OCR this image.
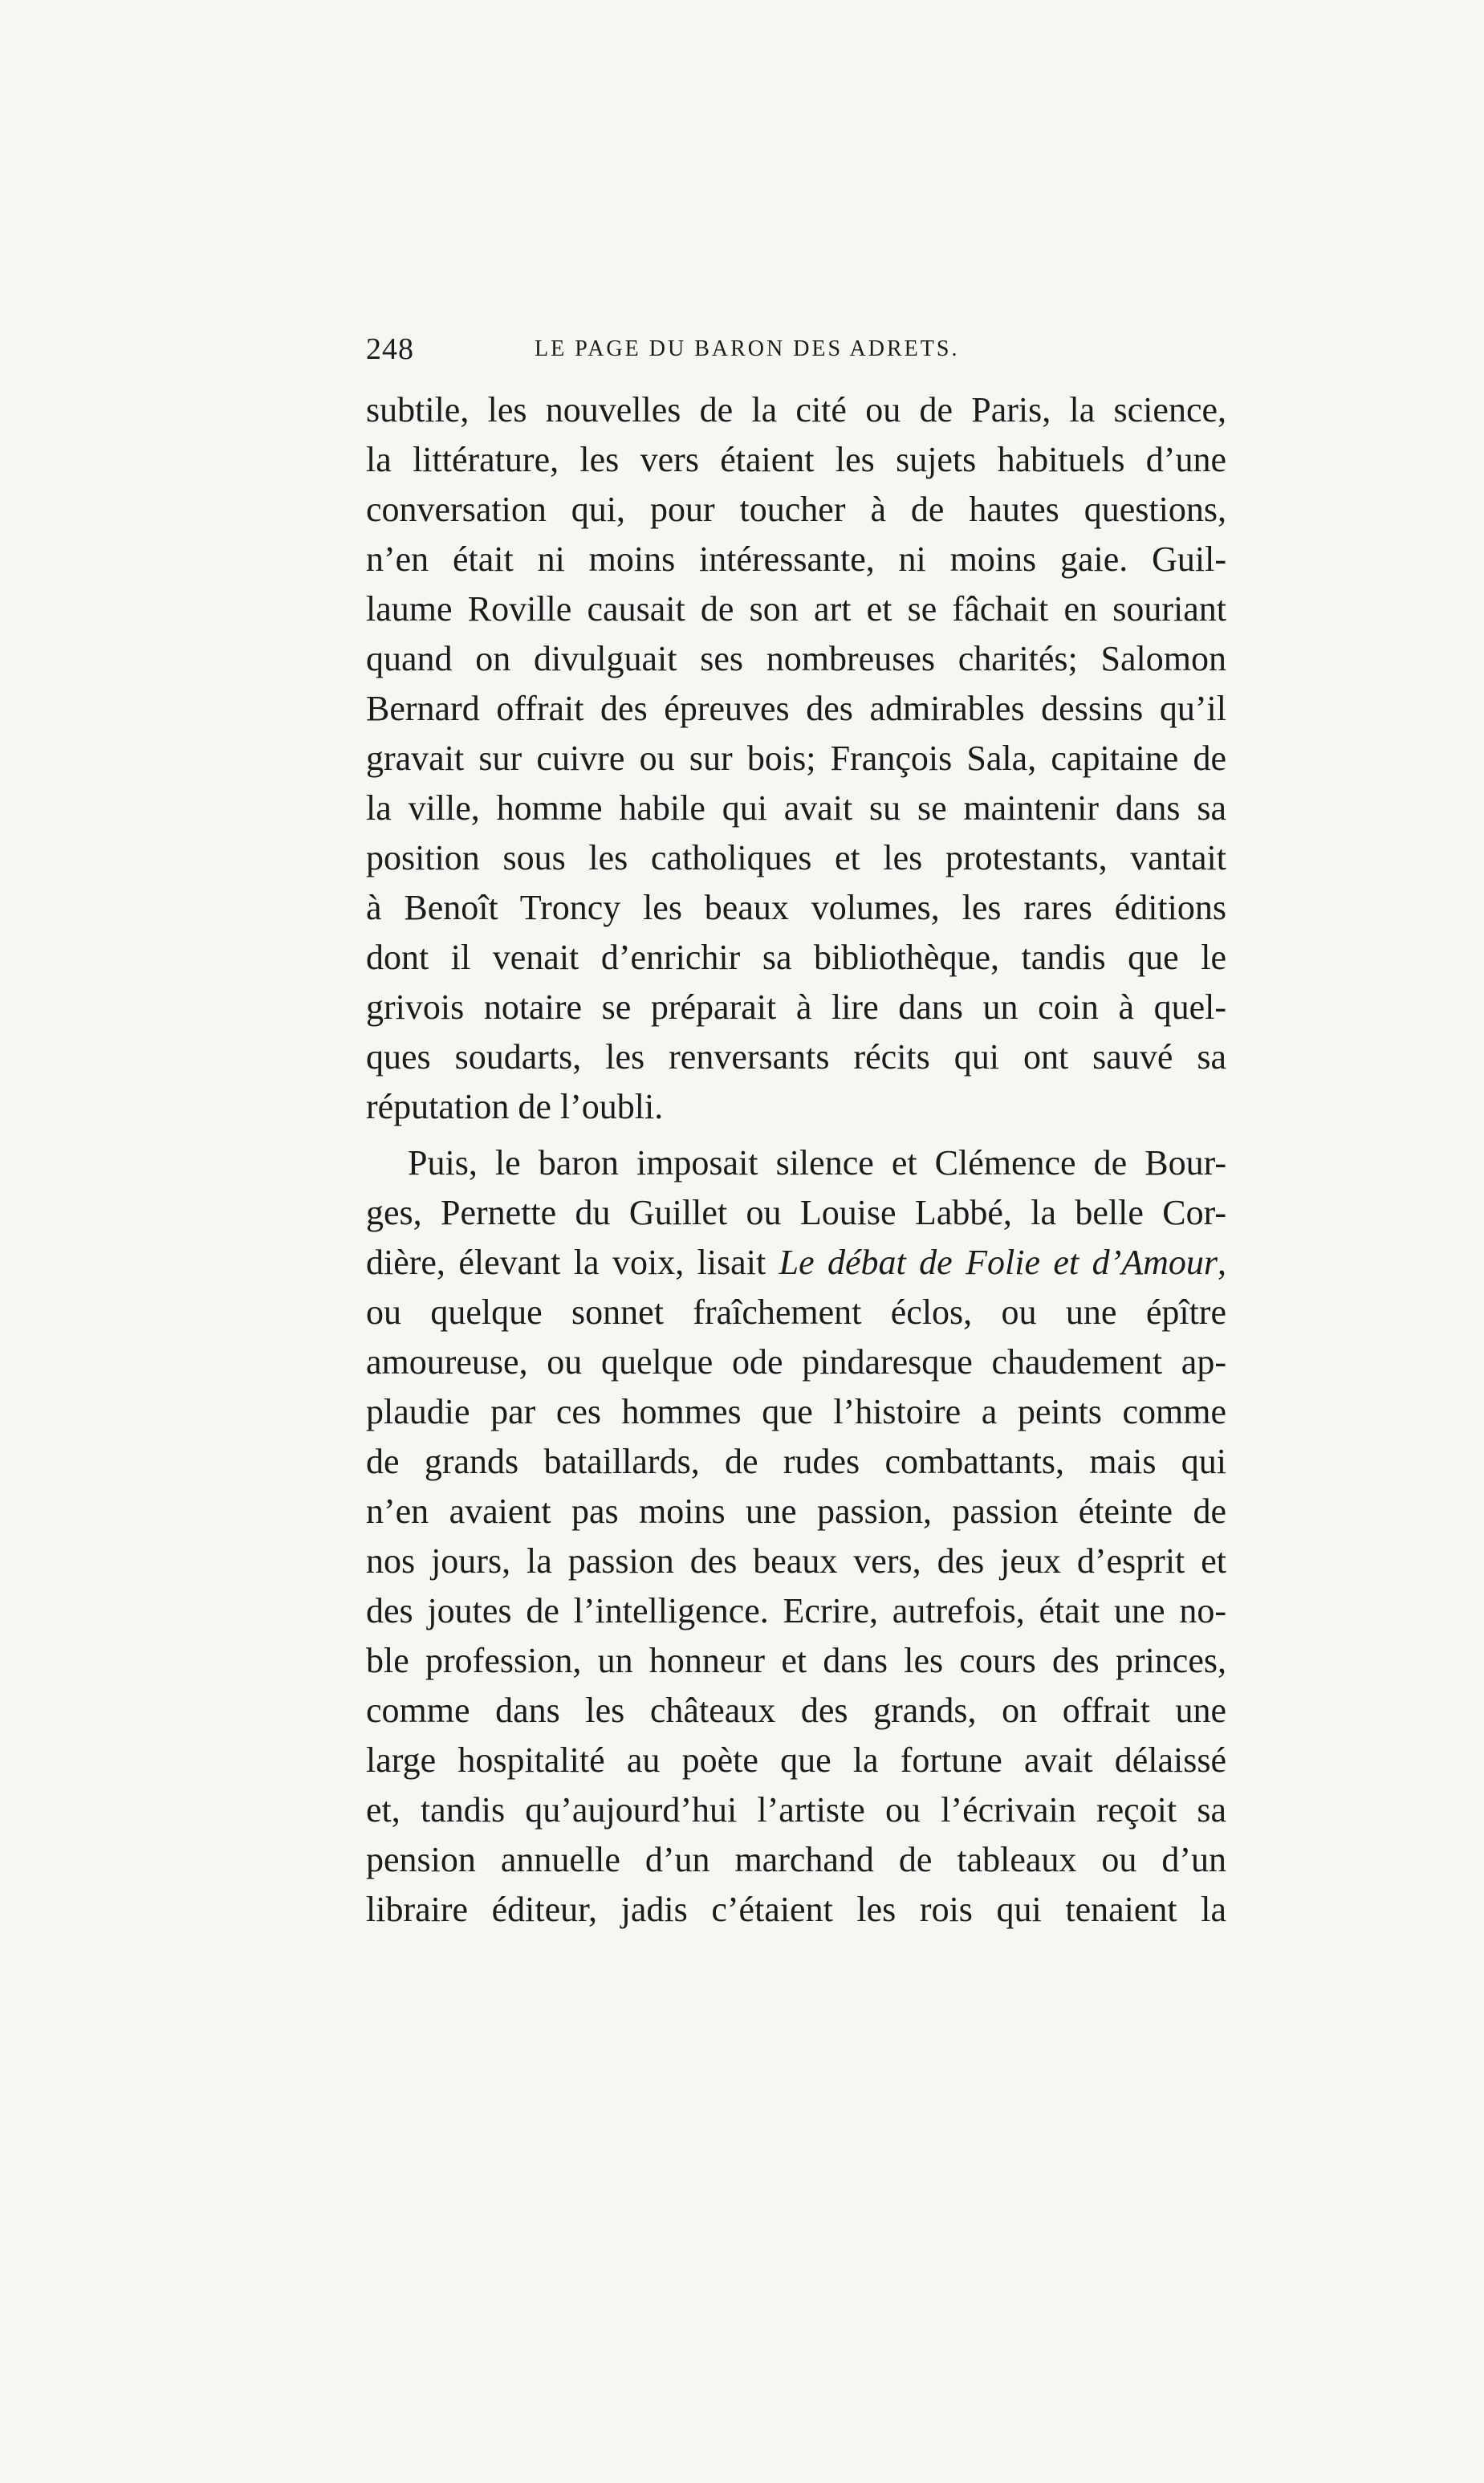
248	LE PAGE DU BARON DES ADRETS.
subtile, les nouvelles de la cité ou de Paris, la science,
la littérature, les vers étaient les sujets habituels d’une
conversation qui, pour toucher à de hautes questions,
n’en était ni moins intéressante, ni moins gaie. Guil-
laume Roville causait de son art et se fâchait en souriant
quand on divulguait ses nombreuses charités; Salomon
Bernard offrait des épreuves des admirables dessins qu’il
gravait sur cuivre ou sur bois; François Sala, capitaine de
la ville, homme habile qui avait su se maintenir dans sa
position sous les catholiques et les protestants, vantait
à Benoît Troncy les beaux volumes, les rares éditions
dont il venait d’enrichir sa bibliothèque, tandis que le
grivois notaire se préparait à lire dans un coin à quel-
ques soudarts, les renversants récits qui ont sauvé sa
réputation de l’oubli.
Puis, le baron imposait silence et Clémence de Bour-
ges, Pernette du Guillet ou Louise Labbé, la belle Cor-
dière, élevant la voix, lisait Le débat de Folie et d’Amour,
ou quelque sonnet fraîchement éclos, ou une épître
amoureuse, ou quelque ode pindaresque chaudement ap-
plaudie par ces hommes que l’histoire a peints comme
de grands bataillards, de rudes combattants, mais qui
n’en avaient pas moins une passion, passion éteinte de
nos jours, la passion des beaux vers, des jeux d’esprit et
des joutes de l’intelligence. Ecrire, autrefois, était une no-
ble profession, un honneur et dans les cours des princes,
comme dans les châteaux des grands, on offrait une
large hospitalité au poète que la fortune avait délaissé
et, tandis qu’aujourd’hui l’artiste ou l’écrivain reçoit sa
pension annuelle d’un marchand de tableaux ou d’un
libraire éditeur, jadis c’étaient les rois qui tenaient la
